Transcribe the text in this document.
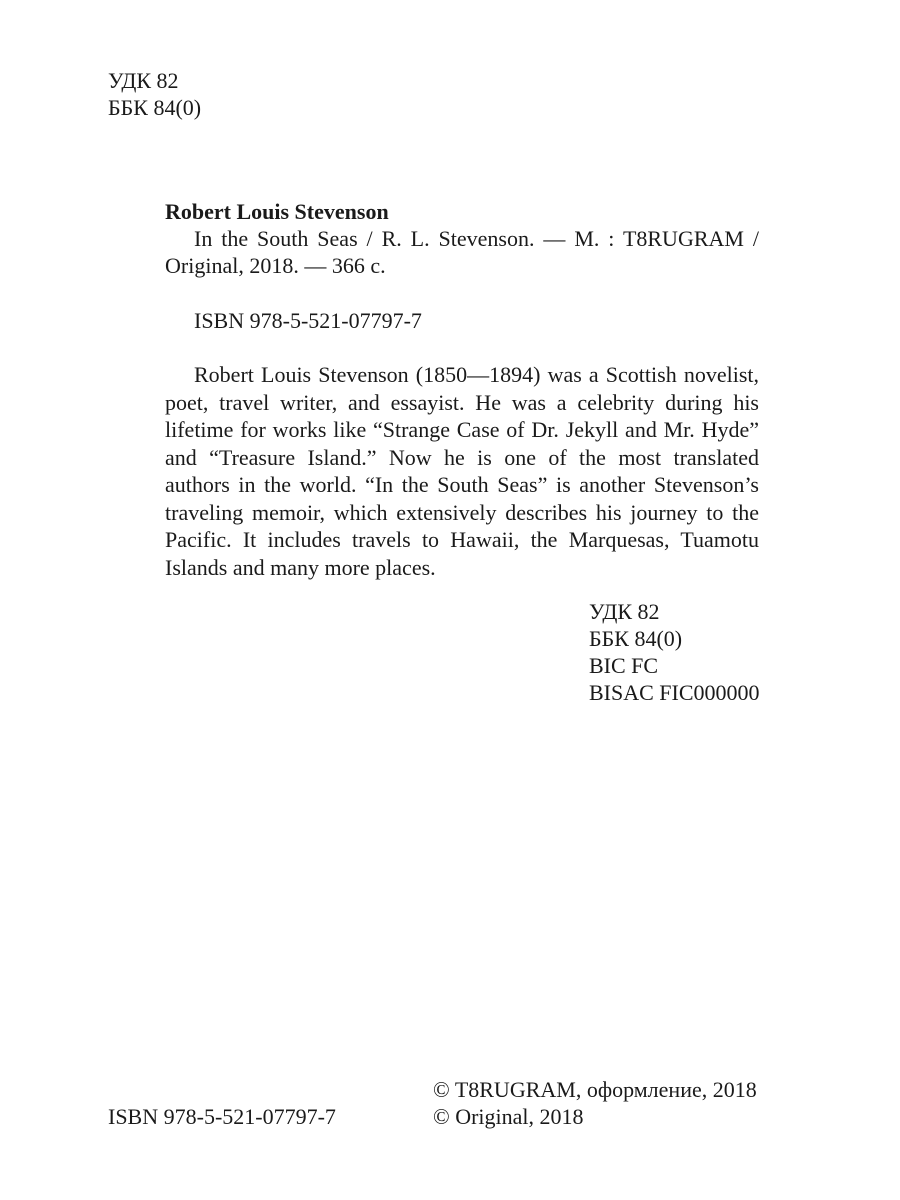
УДК 82
ББК 84(0)
Robert Louis Stevenson

In the South Seas / R. L. Stevenson. — M. : T8RUGRAM / Original, 2018. — 366 с.

ISBN 978-5-521-07797-7

Robert Louis Stevenson (1850—1894) was a Scottish novelist, poet, travel writer, and essayist. He was a celebrity during his lifetime for works like “Strange Case of Dr. Jekyll and Mr. Hyde” and “Treasure Island.” Now he is one of the most translated authors in the world. “In the South Seas” is another Stevenson’s traveling memoir, which extensively describes his journey to the Pacific. It includes travels to Hawaii, the Marquesas, Tuamotu Islands and many more places.

УДК 82
ББК 84(0)
BIC FC
BISAC FIC000000
ISBN 978-5-521-07797-7
© T8RUGRAM, оформление, 2018
© Original, 2018
